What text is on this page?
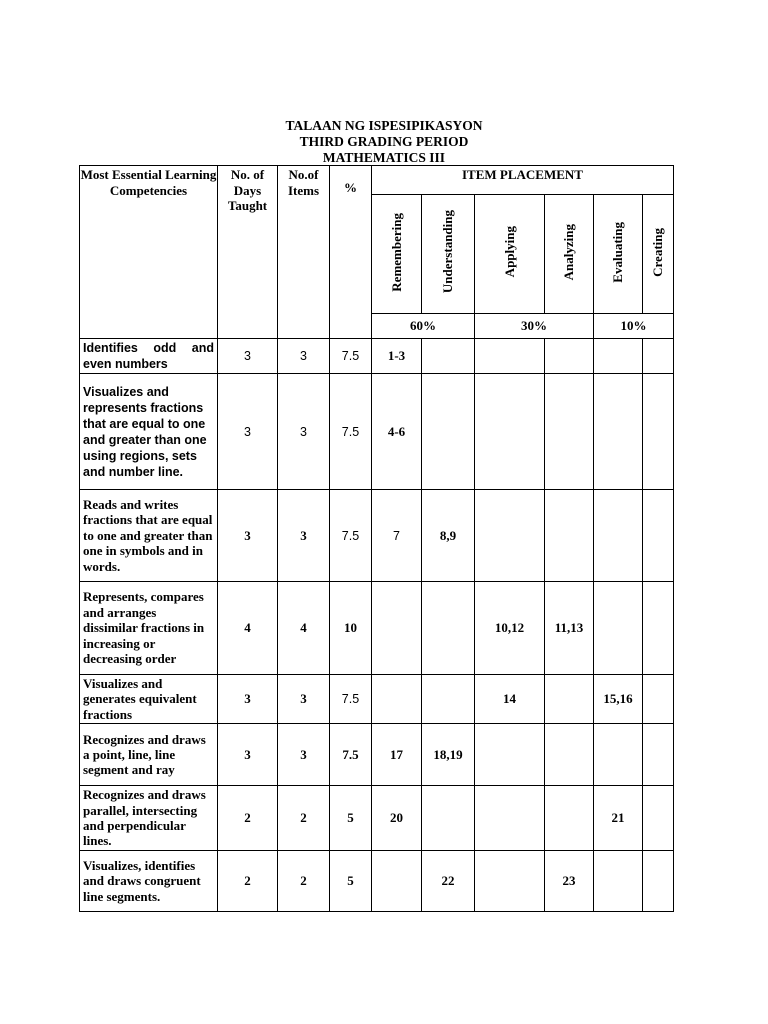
TALAAN NG ISPESIPIKASYON
THIRD GRADING PERIOD
MATHEMATICS III
Most Essential Learning Competencies	No. of Days Taught	No.of Items	%	ITEM PLACEMENT					
				Remembering	Understanding	Applying	Analyzing	Evaluating	Creating
				60%		30%		10%	
Identifies odd and even numbers	3	3	7.5	1-3					
Visualizes and represents fractions that are equal to one and greater than one using regions, sets and number line.	3	3	7.5	4-6					
Reads and writes fractions that are equal to one and greater than one in symbols and in words.	3	3	7.5	7	8,9				
Represents, compares and arranges dissimilar fractions in increasing or decreasing order	4	4	10			10,12	11,13		
Visualizes and generates equivalent fractions	3	3	7.5			14		15,16	
Recognizes and draws a point, line, line segment and ray	3	3	7.5	17	18,19				
Recognizes and draws parallel, intersecting and perpendicular lines.	2	2	5	20				21	
Visualizes, identifies and draws congruent line segments.	2	2	5		22		23		
